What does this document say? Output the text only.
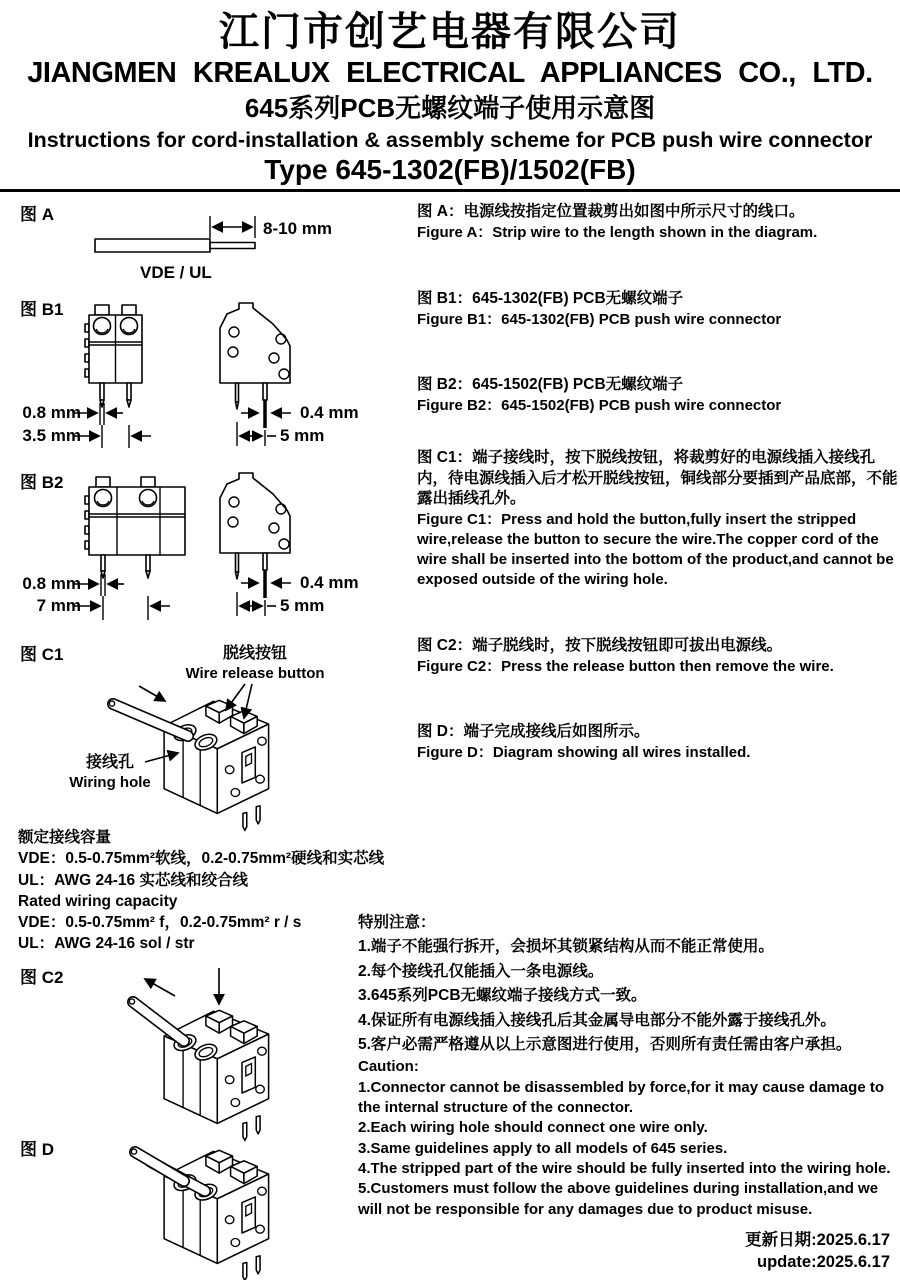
江门市创艺电器有限公司
JIANGMEN KREALUX ELECTRICAL APPLIANCES CO., LTD.
645系列PCB无螺纹端子使用示意图
Instructions for cord-installation & assembly scheme for PCB push wire connector
Type 645-1302(FB)/1502(FB)
图 A
8-10 mm
VDE / UL
图 B1
0.8 mm
3.5 mm
0.4 mm
5 mm
图 B2
0.8 mm
7 mm
0.4 mm
5 mm
图 C1	脱线按钮
Wire release button
接线孔
Wiring hole
额定接线容量
VDE：0.5-0.75mm²软线，0.2-0.75mm²硬线和实芯线
UL：AWG 24-16 实芯线和绞合线
Rated wiring capacity
VDE：0.5-0.75mm² f，0.2-0.75mm² r / s
UL：AWG 24-16 sol / str
图 C2
图 D
图 A：电源线按指定位置裁剪出如图中所示尺寸的线口。
Figure A：Strip wire to the length shown in the diagram.
图 B1：645-1302(FB) PCB无螺纹端子
Figure B1：645-1302(FB) PCB push wire connector
图 B2：645-1502(FB) PCB无螺纹端子
Figure B2：645-1502(FB) PCB push wire connector
图 C1：端子接线时，按下脱线按钮，将裁剪好的电源线插入接线孔内，待电源线插入后才松开脱线按钮，铜线部分要插到产品底部，不能露出插线孔外。
Figure C1：Press and hold the button,fully insert the stripped wire,release the button to secure the wire.The copper cord of the wire shall be inserted into the bottom of the product,and cannot be exposed outside of the wiring hole.
图 C2：端子脱线时，按下脱线按钮即可拔出电源线。
Figure C2：Press the release button then remove the wire.
图 D：端子完成接线后如图所示。
Figure D：Diagram showing all wires installed.
特别注意：
1.端子不能强行拆开，会损坏其锁紧结构从而不能正常使用。
2.每个接线孔仅能插入一条电源线。
3.645系列PCB无螺纹端子接线方式一致。
4.保证所有电源线插入接线孔后其金属导电部分不能外露于接线孔外。
5.客户必需严格遵从以上示意图进行使用，否则所有责任需由客户承担。
Caution:
1.Connector cannot be disassembled by force,for it may cause damage to the internal structure of the connector.
2.Each wiring hole should connect one wire only.
3.Same guidelines apply to all models of 645 series.
4.The stripped part of the wire should be fully inserted into the wiring hole.
5.Customers must follow the above guidelines during installation,and we will not be responsible for any damages due to product misuse.
更新日期:2025.6.17
update:2025.6.17
